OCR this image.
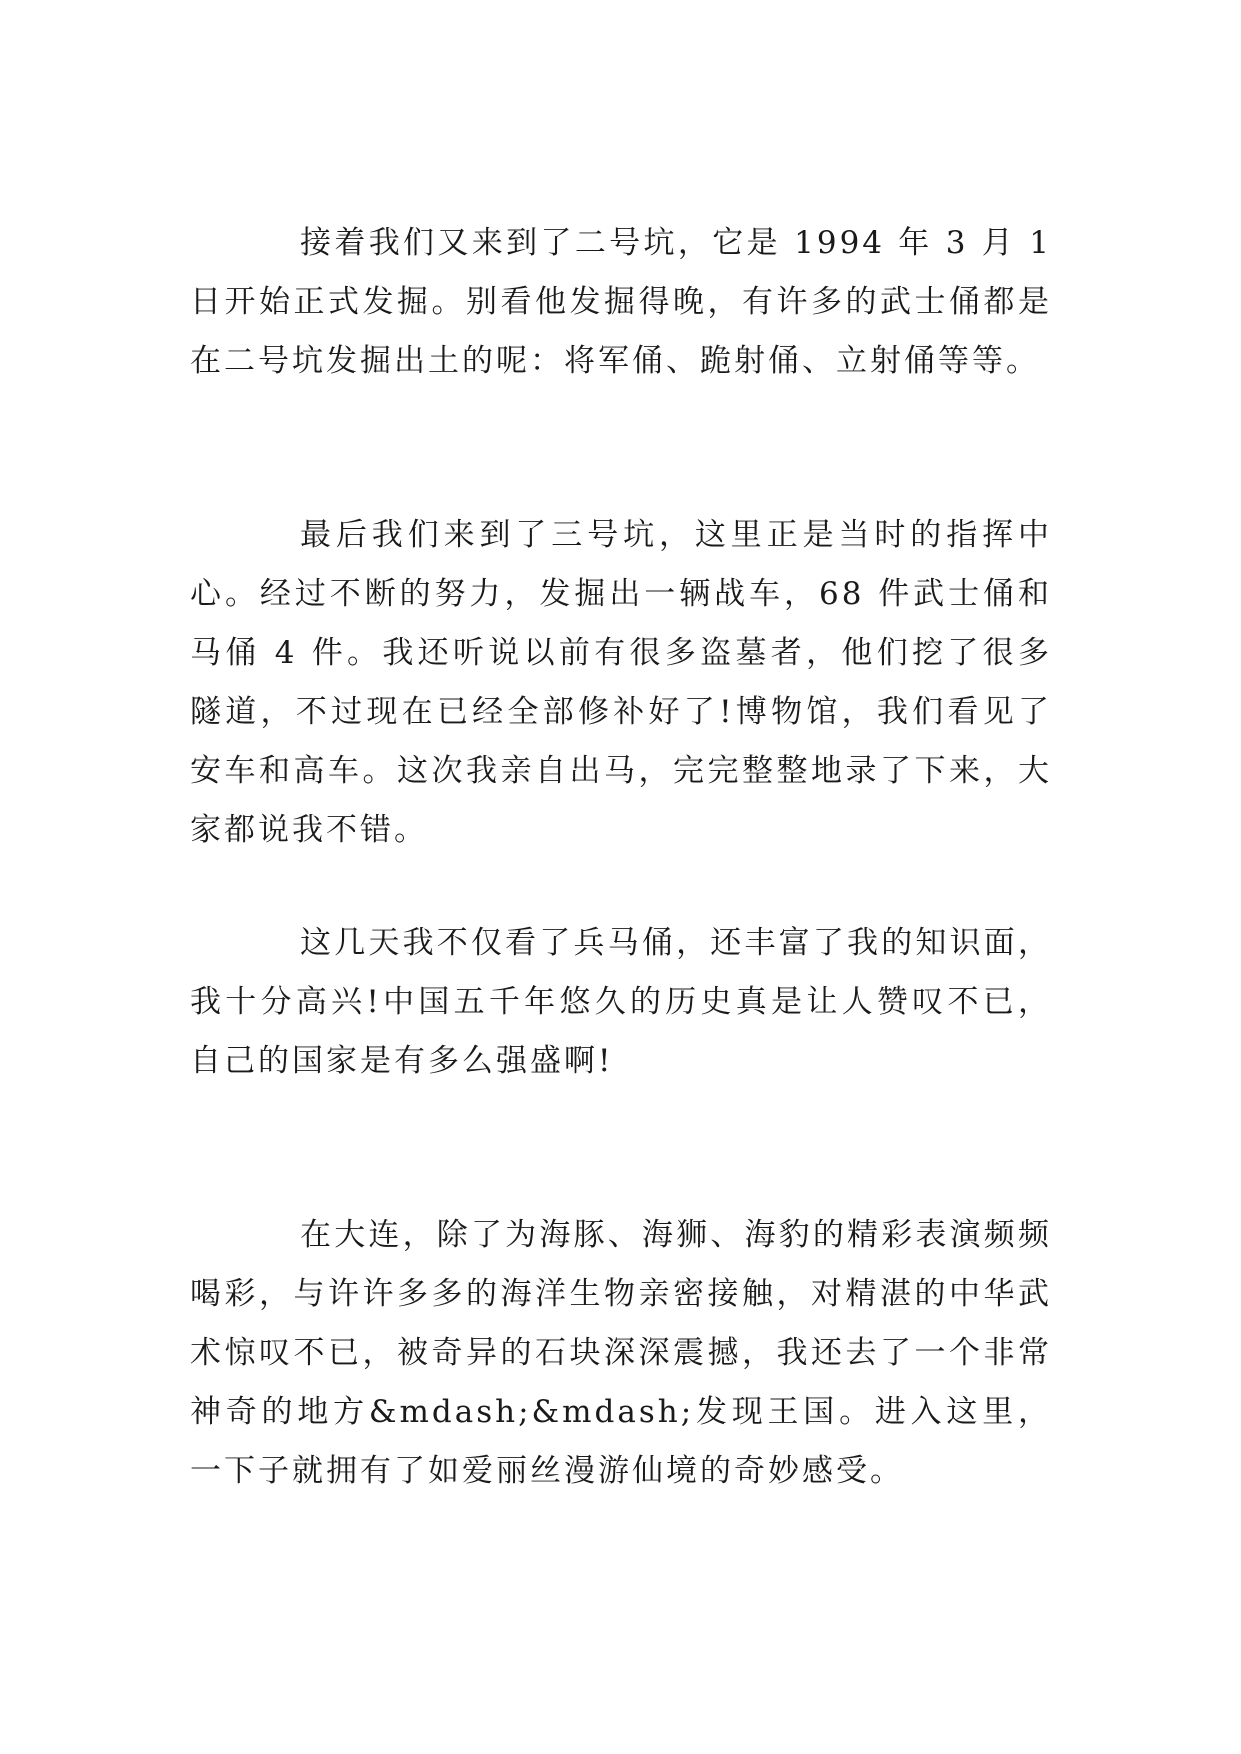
接着我们又来到了二号坑，它是 1994 年 3 月 1 日开始正式发掘。别看他发掘得晚，有许多的武士俑都是在二号坑发掘出土的呢：将军俑、跪射俑、立射俑等等。

最后我们来到了三号坑，这里正是当时的指挥中心。经过不断的努力，发掘出一辆战车，68 件武士俑和马俑 4 件。我还听说以前有很多盗墓者，他们挖了很多隧道，不过现在已经全部修补好了!博物馆，我们看见了安车和高车。这次我亲自出马，完完整整地录了下来，大家都说我不错。

这几天我不仅看了兵马俑，还丰富了我的知识面，我十分高兴!中国五千年悠久的历史真是让人赞叹不已，自己的国家是有多么强盛啊!

在大连，除了为海豚、海狮、海豹的精彩表演频频喝彩，与许许多多的海洋生物亲密接触，对精湛的中华武术惊叹不已，被奇异的石块深深震撼，我还去了一个非常神奇的地方&mdash;&mdash;发现王国。进入这里，一下子就拥有了如爱丽丝漫游仙境的奇妙感受。
